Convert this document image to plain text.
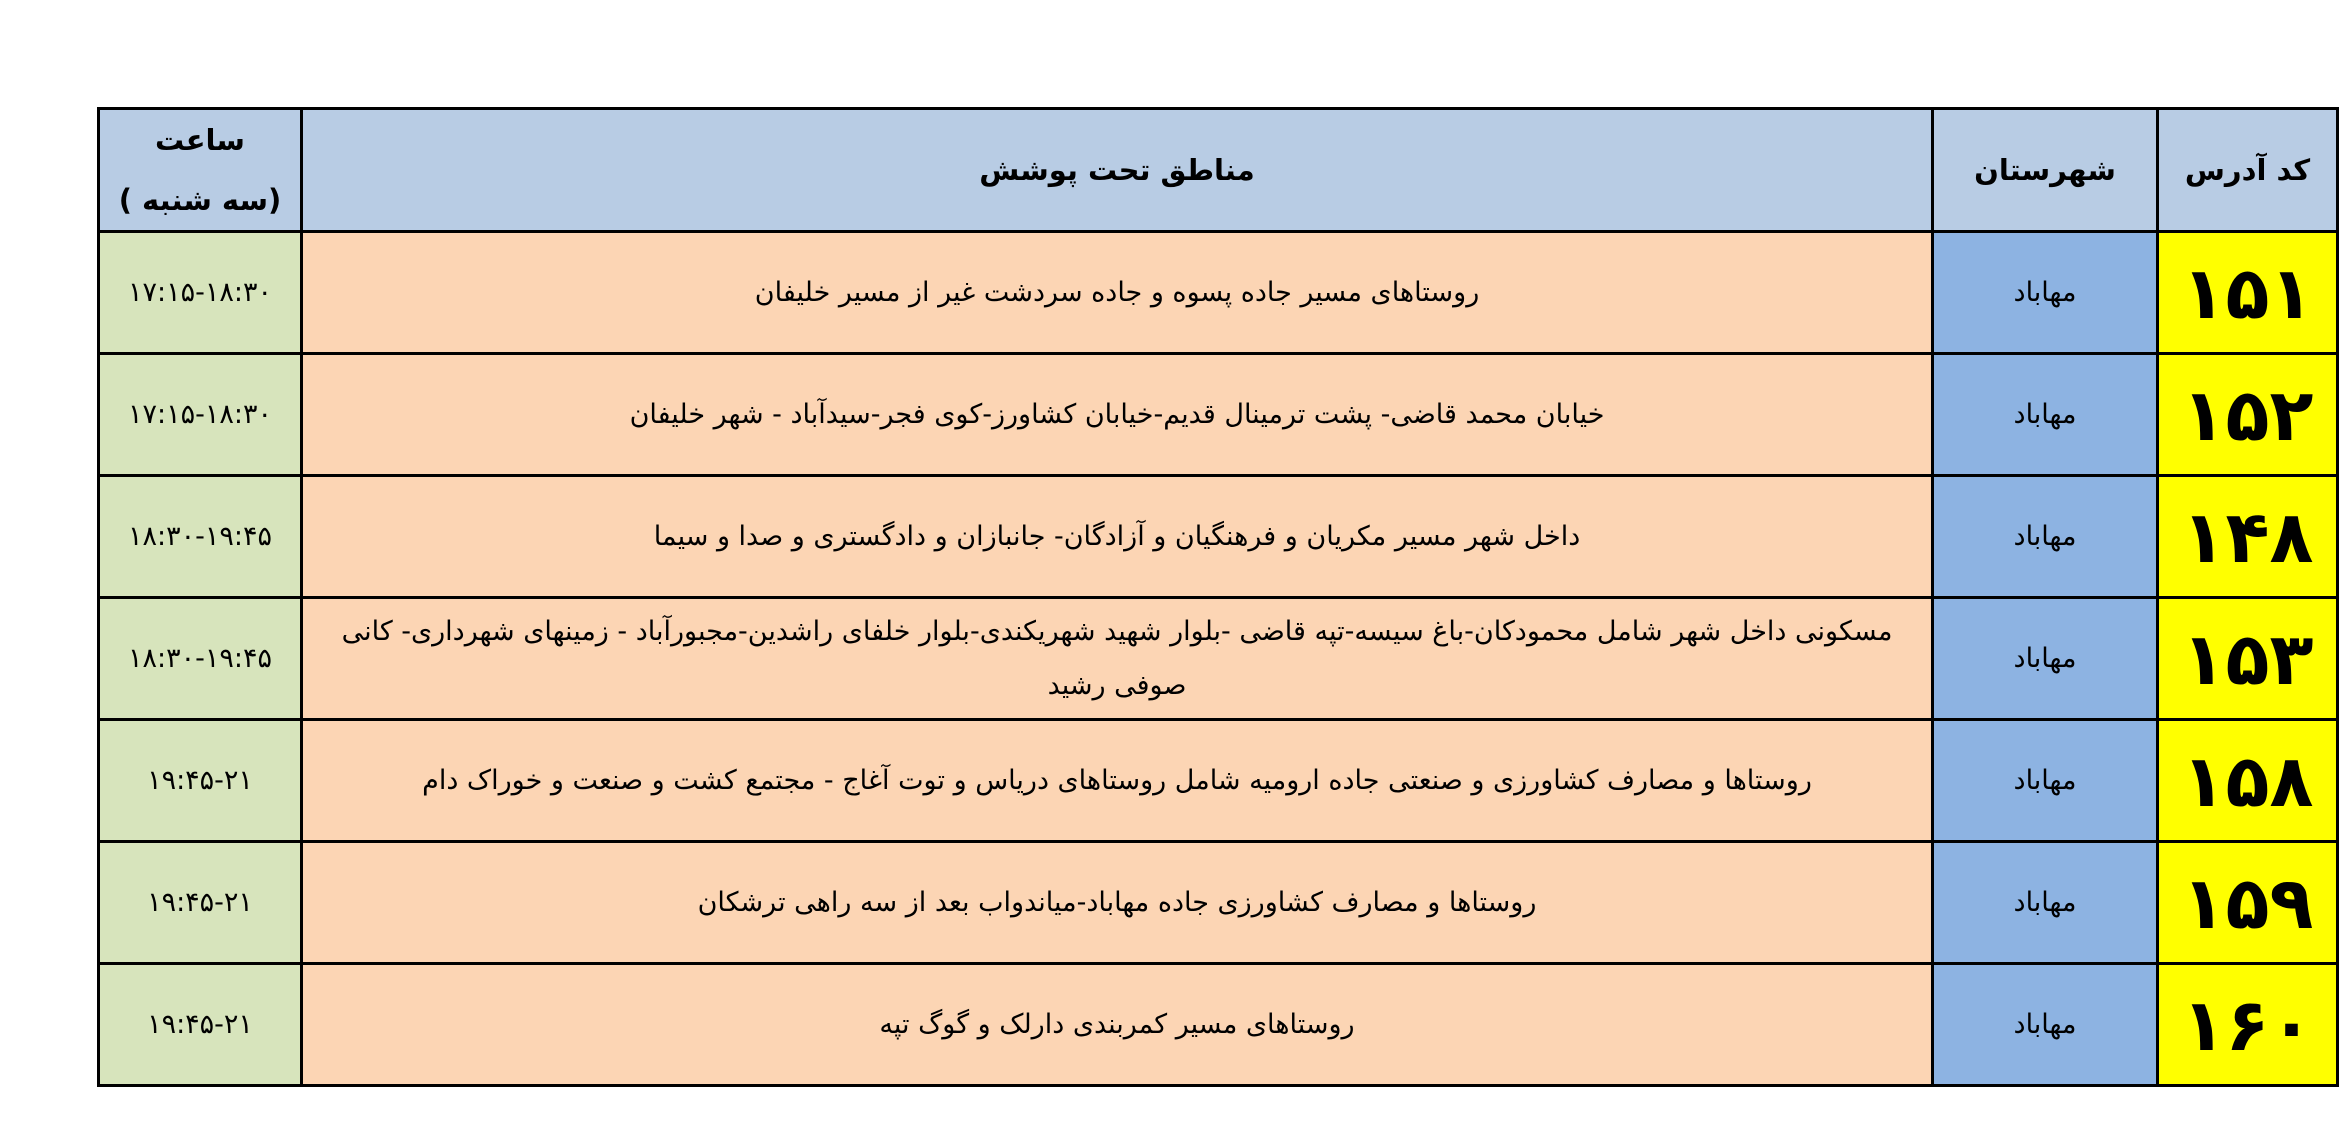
کد آدرس	شهرستان	مناطق تحت پوشش	ساعت
(سه شنبه )

۱۵۱	مهاباد	روستاهای مسیر جاده پسوه و جاده سردشت غیر از مسیر خلیفان	۱۷:۱۵-۱۸:۳۰
۱۵۲	مهاباد	خیابان محمد قاضی- پشت ترمینال قدیم-خیابان کشاورز-کوی فجر-سیدآباد - شهر خلیفان	۱۷:۱۵-۱۸:۳۰
۱۴۸	مهاباد	داخل شهر مسیر مکریان و فرهنگیان و آزادگان- جانبازان و دادگستری و صدا و سیما	۱۸:۳۰-۱۹:۴۵
۱۵۳	مهاباد	مسکونی داخل شهر شامل محمودکان-باغ سیسه-تپه قاضی -بلوار شهید شهریکندی-بلوار خلفای راشدین-مجبورآباد - زمینهای شهرداری- کانی صوفی رشید	۱۸:۳۰-۱۹:۴۵
۱۵۸	مهاباد	روستاها و مصارف کشاورزی و صنعتی جاده ارومیه شامل روستاهای دریاس و توت آغاج - مجتمع کشت و صنعت و خوراک دام	۱۹:۴۵-۲۱
۱۵۹	مهاباد	روستاها و مصارف کشاورزی جاده مهاباد-میاندواب بعد از سه راهی ترشکان	۱۹:۴۵-۲۱
۱۶۰	مهاباد	روستاهای مسیر کمربندی دارلک و گوگ تپه	۱۹:۴۵-۲۱
